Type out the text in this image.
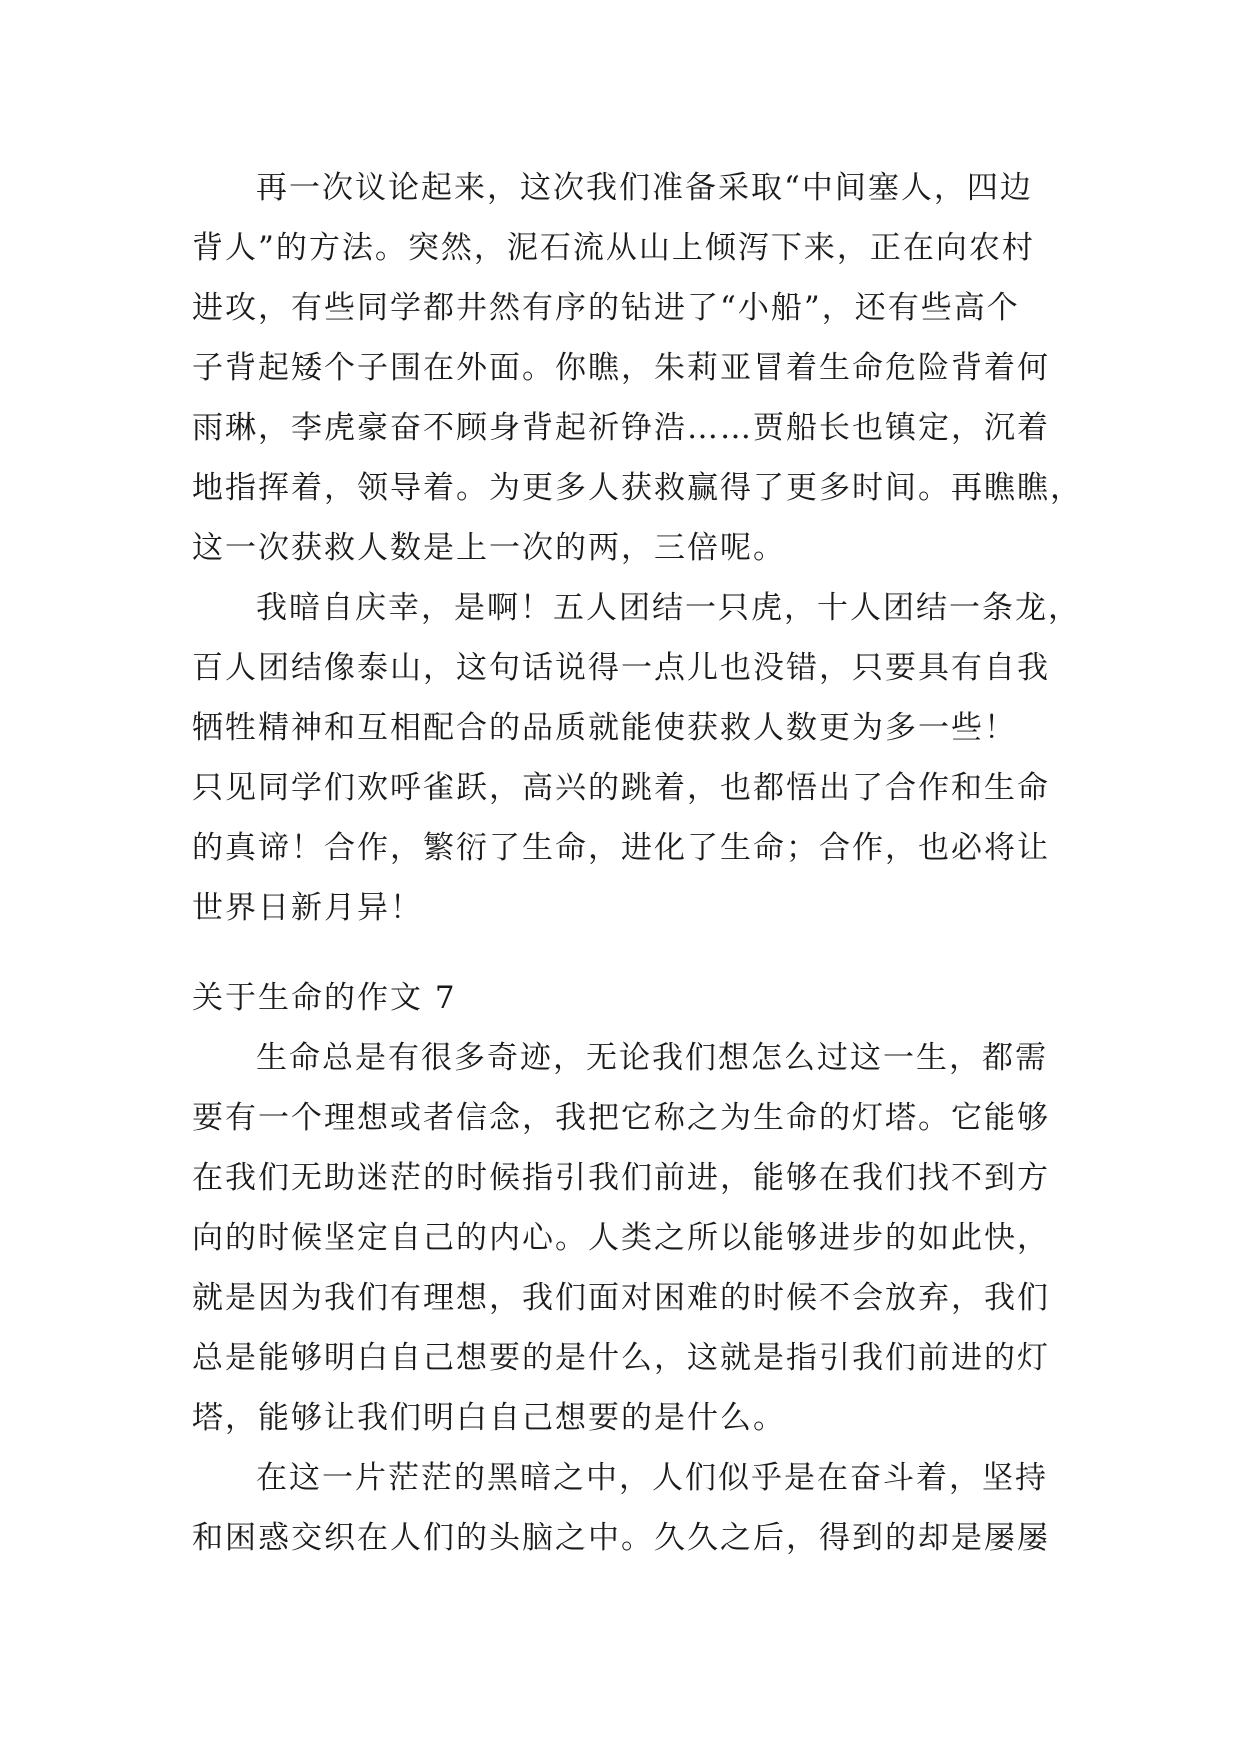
再一次议论起来，这次我们准备采取“中间塞人，四边
背人”的方法。突然，泥石流从山上倾泻下来，正在向农村
进攻，有些同学都井然有序的钻进了“小船”，还有些高个
子背起矮个子围在外面。你瞧，朱莉亚冒着生命危险背着何
雨琳，李虎豪奋不顾身背起祈铮浩……贾船长也镇定，沉着
地指挥着，领导着。为更多人获救赢得了更多时间。再瞧瞧，
这一次获救人数是上一次的两，三倍呢。
我暗自庆幸，是啊！五人团结一只虎，十人团结一条龙，
百人团结像泰山，这句话说得一点儿也没错，只要具有自我
牺牲精神和互相配合的品质就能使获救人数更为多一些！
只见同学们欢呼雀跃，高兴的跳着，也都悟出了合作和生命
的真谛！合作，繁衍了生命，进化了生命；合作，也必将让
世界日新月异！
关于生命的作文 7
生命总是有很多奇迹，无论我们想怎么过这一生，都需
要有一个理想或者信念，我把它称之为生命的灯塔。它能够
在我们无助迷茫的时候指引我们前进，能够在我们找不到方
向的时候坚定自己的内心。人类之所以能够进步的如此快，
就是因为我们有理想，我们面对困难的时候不会放弃，我们
总是能够明白自己想要的是什么，这就是指引我们前进的灯
塔，能够让我们明白自己想要的是什么。
在这一片茫茫的黑暗之中，人们似乎是在奋斗着，坚持
和困惑交织在人们的头脑之中。久久之后，得到的却是屡屡
